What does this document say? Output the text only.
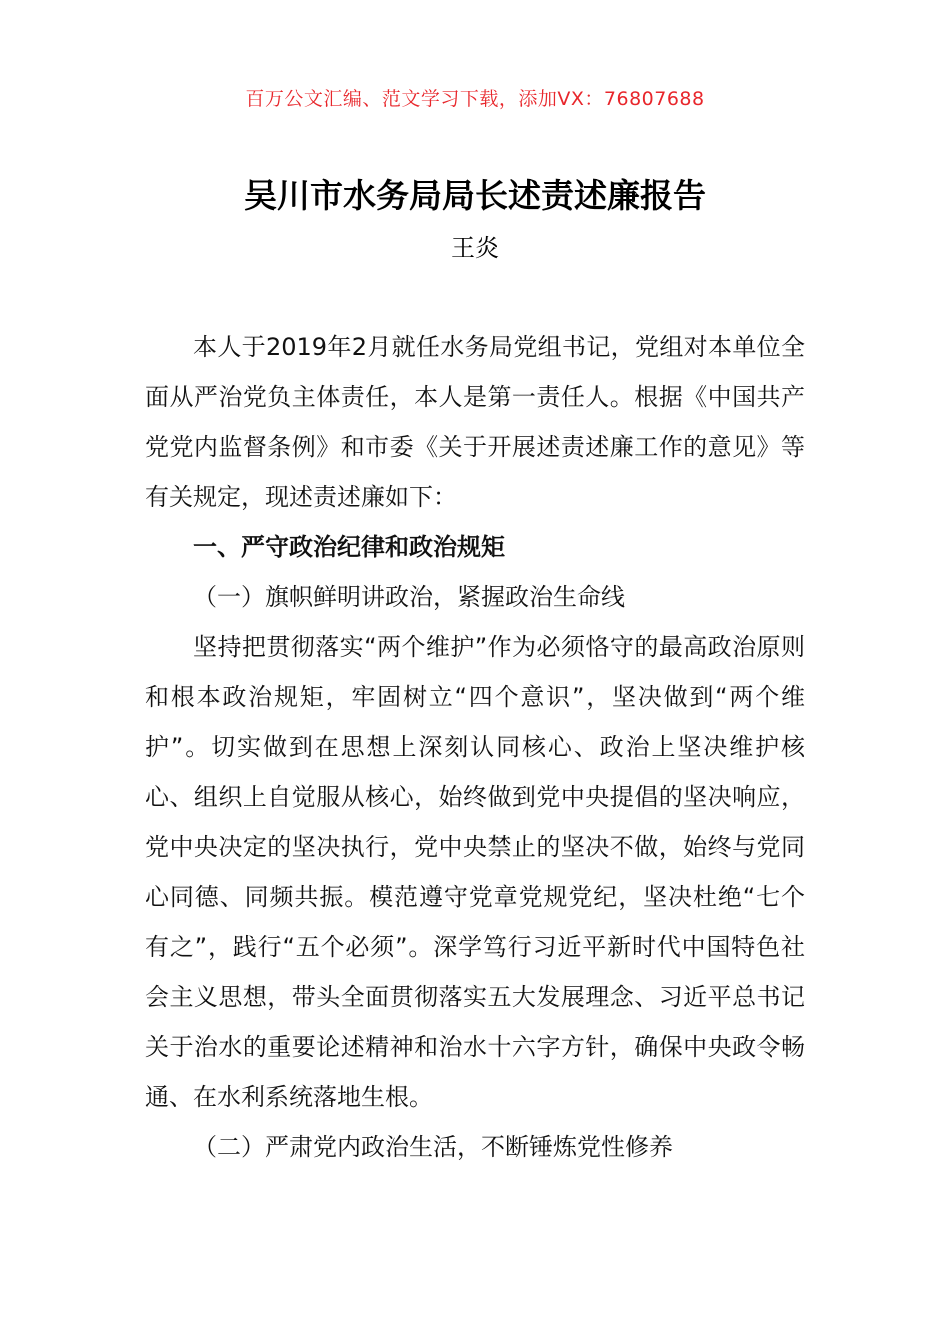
百万公文汇编、范文学习下载，添加VX：76807688
吴川市水务局局长述责述廉报告
王炎

本人于2019年2月就任水务局党组书记，党组对本单位全面从严治党负主体责任，本人是第一责任人。根据《中国共产党党内监督条例》和市委《关于开展述责述廉工作的意见》等有关规定，现述责述廉如下：

一、严守政治纪律和政治规矩

（一）旗帜鲜明讲政治，紧握政治生命线

坚持把贯彻落实“两个维护”作为必须恪守的最高政治原则和根本政治规矩，牢固树立“四个意识”，坚决做到“两个维护”。切实做到在思想上深刻认同核心、政治上坚决维护核心、组织上自觉服从核心，始终做到党中央提倡的坚决响应，党中央决定的坚决执行，党中央禁止的坚决不做，始终与党同心同德、同频共振。模范遵守党章党规党纪，坚决杜绝“七个有之”，践行“五个必须”。深学笃行习近平新时代中国特色社会主义思想，带头全面贯彻落实五大发展理念、习近平总书记关于治水的重要论述精神和治水十六字方针，确保中央政令畅通、在水利系统落地生根。

（二）严肃党内政治生活，不断锤炼党性修养
